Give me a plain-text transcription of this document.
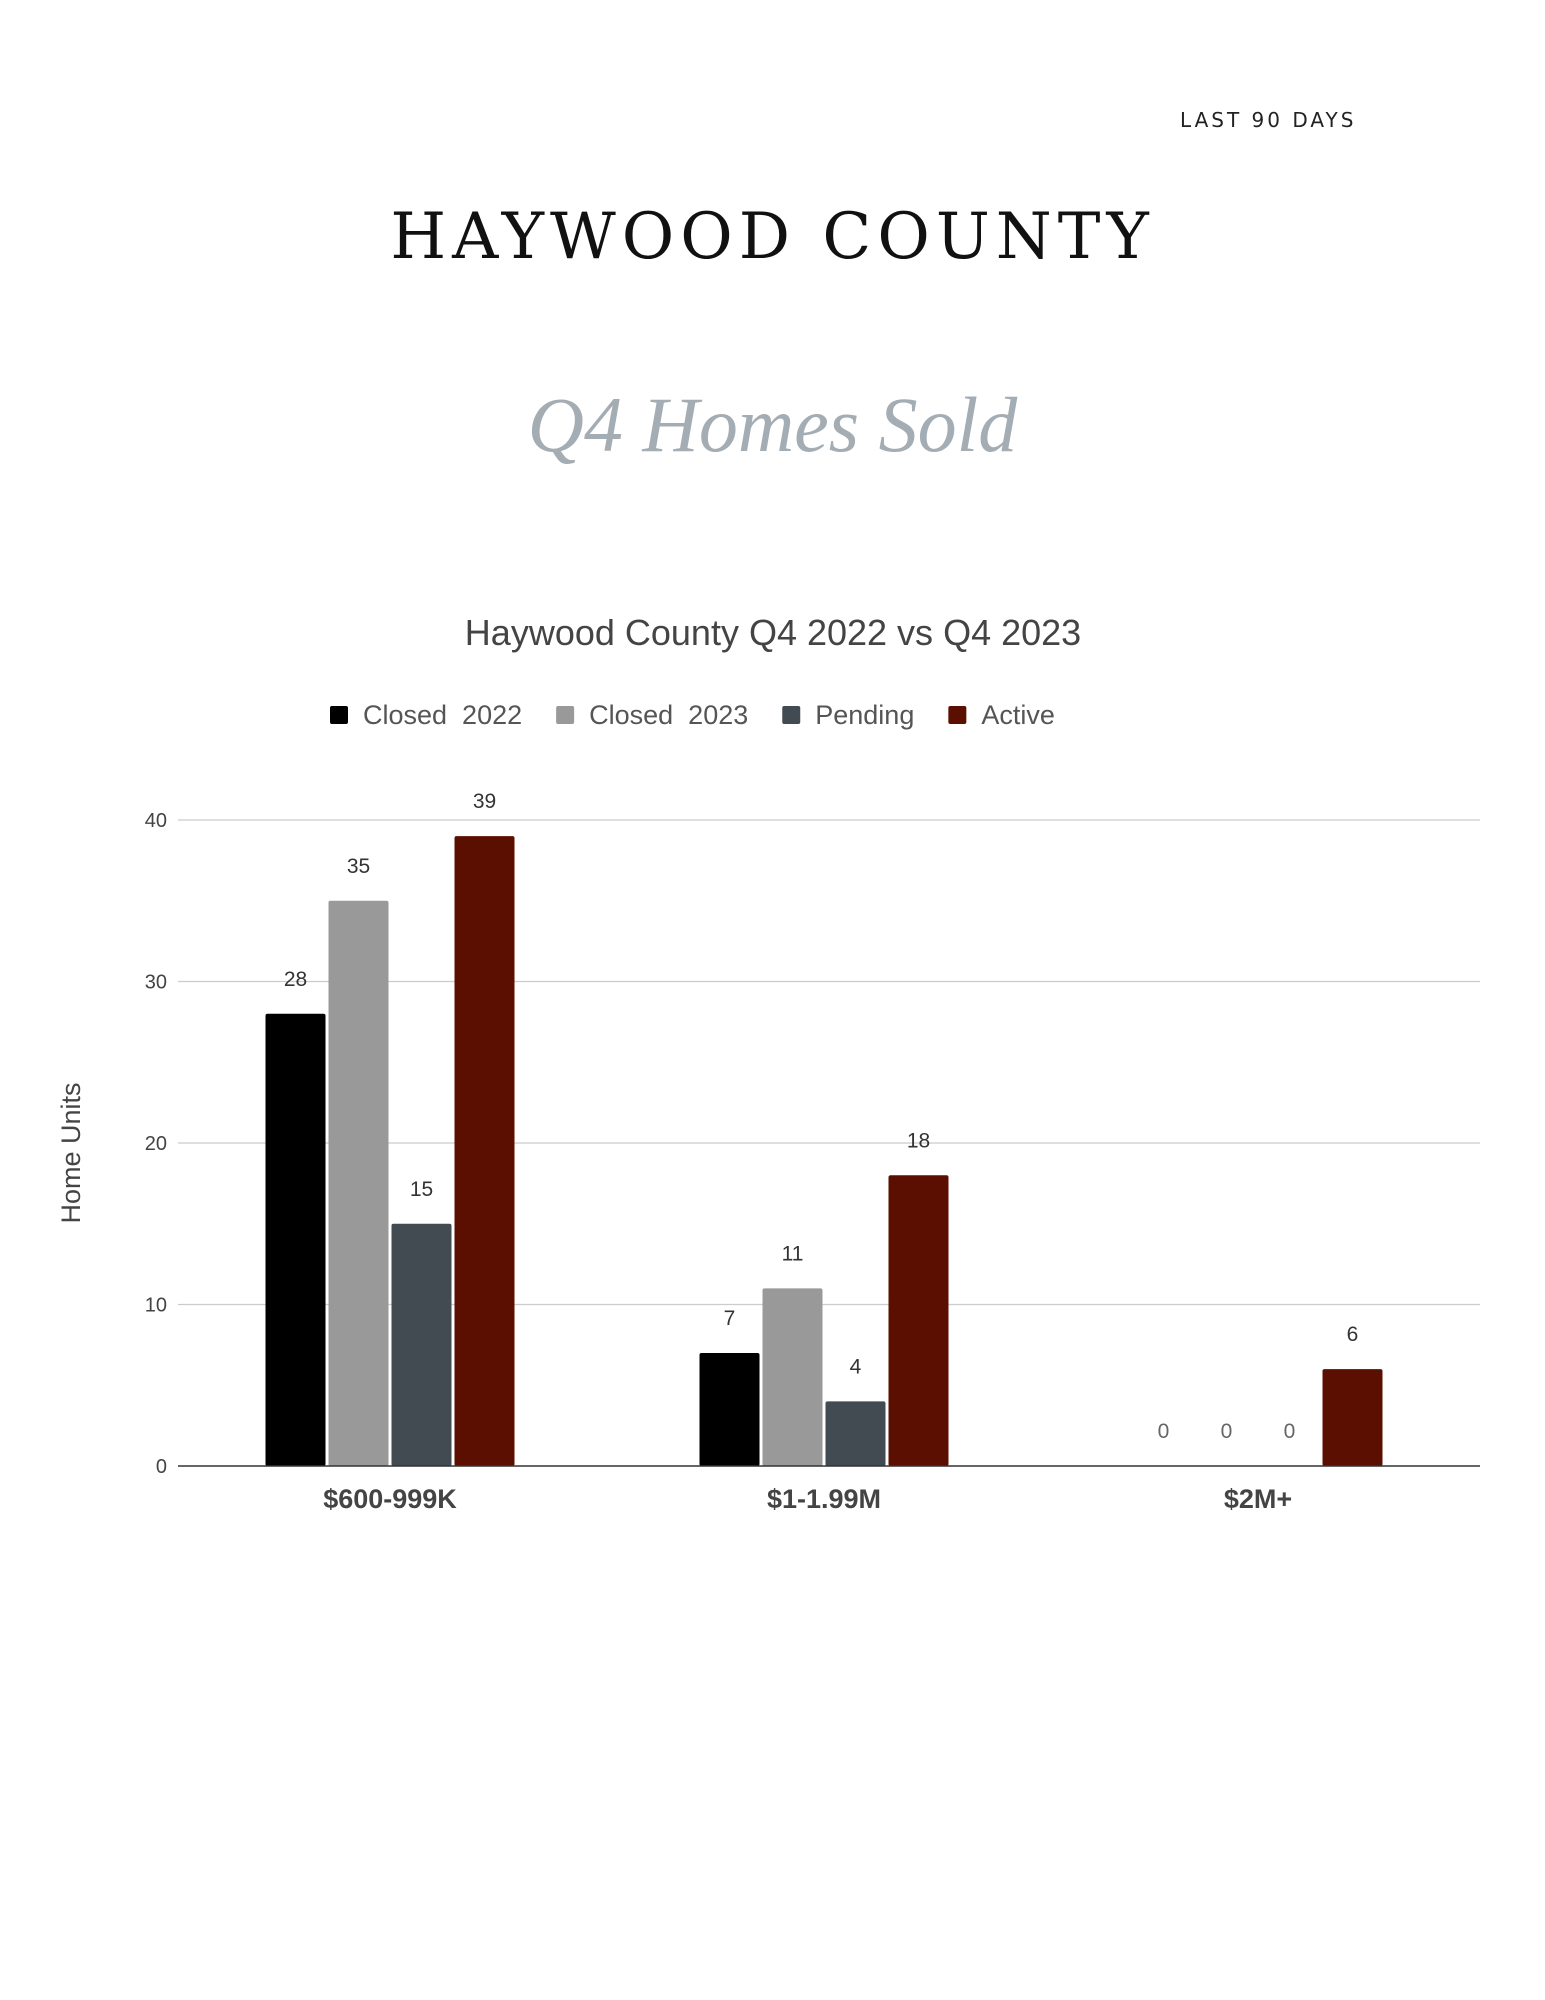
LAST 90 DAYS
HAYWOOD COUNTY
Q4 Homes Sold
Haywood County Q4 2022 vs Q4 2023
Closed  2022 Closed  2023 Pending Active
0
10
20
30
40
Home Units
28
35
15
39
7
11
4
18
0 0 0
6
$600-999K	$1-1.99M	$2M+
